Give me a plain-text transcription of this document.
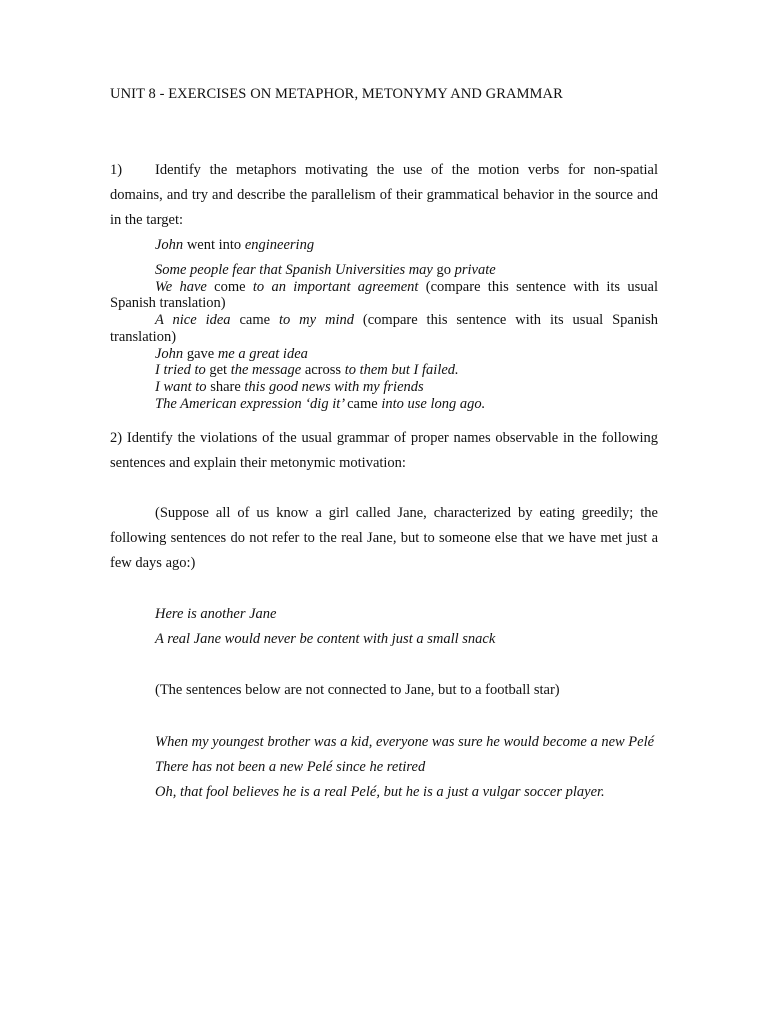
UNIT 8 - EXERCISES ON METAPHOR, METONYMY AND GRAMMAR

1) Identify the metaphors motivating the use of the motion verbs for non-spatial domains, and try and describe the parallelism of their grammatical behavior in the source and in the target:

John went into engineering

Some people fear that Spanish Universities may go private

We have come to an important agreement (compare this sentence with its usual Spanish translation)

A nice idea came to my mind (compare this sentence with its usual Spanish translation)

John gave me a great idea

I tried to get the message across to them but I failed.

I want to share this good news with my friends

The American expression ‘dig it’ came into use long ago.

2) Identify the violations of the usual grammar of proper names observable in the following sentences and explain their metonymic motivation:

(Suppose all of us know a girl called Jane, characterized by eating greedily; the following sentences do not refer to the real Jane, but to someone else that we have met just a few days ago:)

Here is another Jane

A real Jane would never be content with just a small snack

(The sentences below are not connected to Jane, but to a football star)

When my youngest brother was a kid, everyone was sure he would become a new Pelé

There has not been a new Pelé since he retired

Oh, that fool believes he is a real Pelé, but he is a just a vulgar soccer player.
